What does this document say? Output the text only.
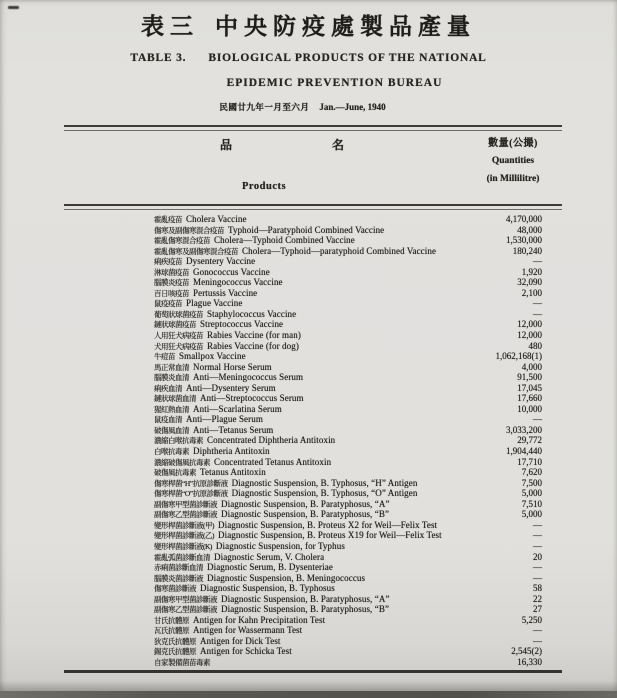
表三 中央防疫處製品產量
TABLE 3. BIOLOGICAL PRODUCTS OF THE NATIONAL
EPIDEMIC PREVENTION BUREAU
民國廿九年一月至六月 Jan.—June, 1940
品	名
Products
數量(公撮)
Quantities
(in Millilitre)
霍亂疫苗 Cholera Vaccine	4,170,000
傷寒及副傷寒混合疫苗 Typhoid—Paratyphoid Combined Vaccine	48,000
霍亂傷寒混合疫苗 Cholera—Typhoid Combined Vaccine	1,530,000
霍亂傷寒及副傷寒混合疫苗 Cholera—Typhoid—paratyphoid Combined Vaccine	180,240
痢疾疫苗 Dysentery Vaccine	—
淋球菌疫苗 Gonococcus Vaccine	1,920
腦膜炎疫苗 Meningococcus Vaccine	32,090
百日咳疫苗 Pertussis Vaccine	2,100
鼠疫疫苗 Plague Vaccine	—
葡萄狀球菌疫苗 Staphylococcus Vaccine	—
鏈狀球菌疫苗 Streptococcus Vaccine	12,000
人用狂犬病疫苗 Rabies Vaccine (for man)	12,000
犬用狂犬病疫苗 Rabies Vaccine (for dog)	480
牛痘苗 Smallpox Vaccine	1,062,168(1)
馬正常血清 Normal Horse Serum	4,000
腦膜炎血清 Anti—Meningococcus Serum	91,500
痢疾血清 Anti—Dysentery Serum	17,045
鏈狀球菌血清 Anti—Streptococcus Serum	17,660
猩紅熱血清 Anti—Scarlatina Serum	10,000
鼠疫血清 Anti—Plague Serum	—
破傷風血清 Anti—Tetanus Serum	3,033,200
濃縮白喉抗毒素 Concentrated Diphtheria Antitoxin	29,772
白喉抗毒素 Diphtheria Antitoxin	1,904,440
濃縮破傷風抗毒素 Concentrated Tetanus Antitoxin	17,710
破傷風抗毒素 Tetanus Antitoxin	7,620
傷寒桿菌“H”抗原診斷液 Diagnostic Suspension, B. Typhosus, “H” Antigen	7,500
傷寒桿菌“O”抗原診斷液 Diagnostic Suspension, B. Typhosus, “O” Antigen	5,000
副傷寒甲型菌診斷液 Diagnostic Suspension, B. Paratyphosus, “A”	7,510
副傷寒乙型菌診斷液 Diagnostic Suspension, B. Paratyphosus, “B”	5,000
變形桿菌診斷液(甲) Diagnostic Suspension, B. Proteus X2 for Weil—Felix Test	—
變形桿菌診斷液(乙) Diagnostic Suspension, B. Proteus X19 for Weil—Felix Test	—
變形桿菌診斷液(K) Diagnostic Suspension, for Typhus	—
霍亂弧菌診斷血清 Diagnostic Serum, V. Cholera	20
赤痢菌診斷血清 Diagnostic Serum, B. Dysenteriae	—
腦膜炎菌診斷液 Diagnostic Suspension, B. Meningococcus	—
傷寒菌診斷液 Diagnostic Suspension, B. Typhosus	58
副傷寒甲型菌診斷液 Diagnostic Suspension, B. Paratyphosus, “A”	22
副傷寒乙型菌診斷液 Diagnostic Suspension, B. Paratyphosus, “B”	27
甘氏抗體原 Antigen for Kahn Precipitation Test	5,250
瓦氏抗體原 Antigen for Wassermann Test	—
狄克氏抗體原 Antigen for Dick Test	—
錫克氏抗體原 Antigen for Schicka Test	2,545(2)
自家製備菌苗毒素	16,330
